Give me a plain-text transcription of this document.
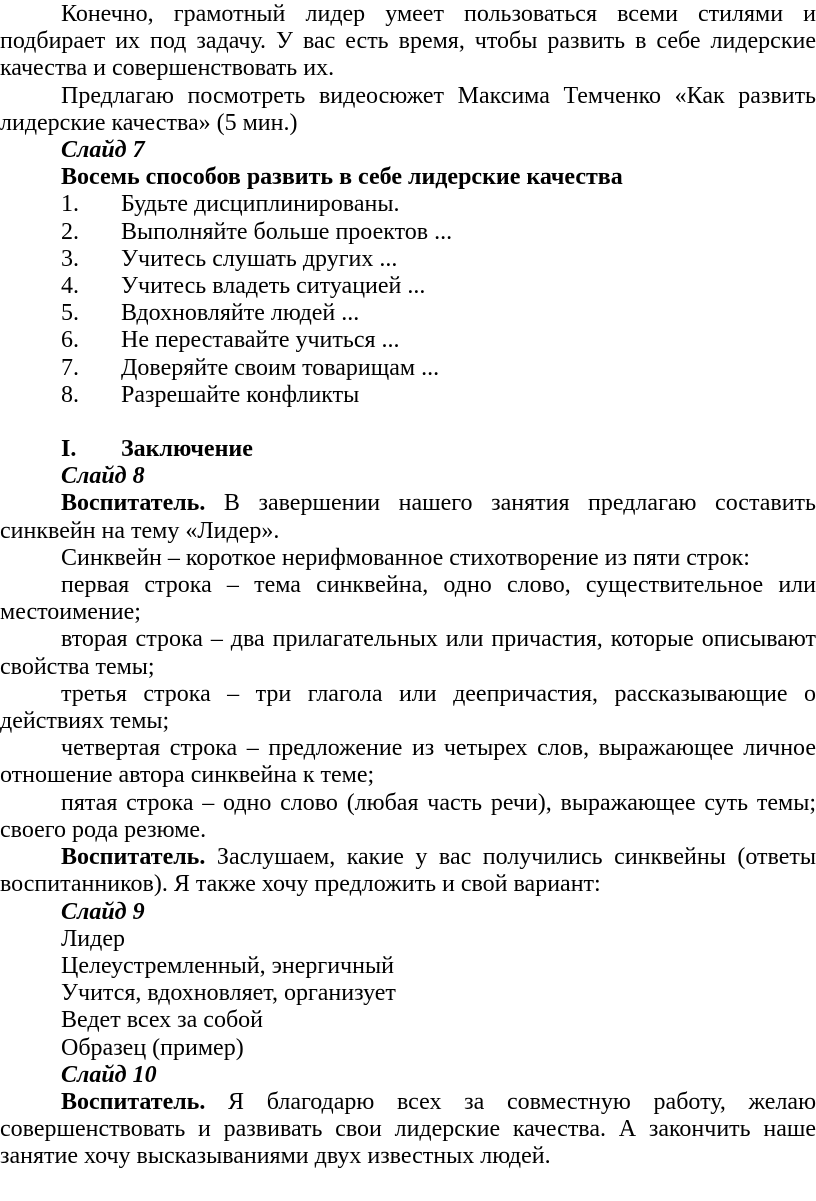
Конечно, грамотный лидер умеет пользоваться всеми стилями и подбирает их под задачу. У вас есть время, чтобы развить в себе лидерские качества и совершенствовать их.

Предлагаю посмотреть видеосюжет Максима Темченко «Как развить лидерские качества» (5 мин.)

Слайд 7

Восемь способов развить в себе лидерские качества

1.	Будьте дисциплинированы.
2.	Выполняйте больше проектов ...
3.	Учитесь слушать других ...
4.	Учитесь владеть ситуацией ...
5.	Вдохновляйте людей ...
6.	Не переставайте учиться ...
7.	Доверяйте своим товарищам ...
8.	Разрешайте конфликты
I.	Заключение

Слайд 8

Воспитатель. В завершении нашего занятия предлагаю составить синквейн на тему «Лидер».

Синквейн – короткое нерифмованное стихотворение из пяти строк:

первая строка – тема синквейна, одно слово, существительное или местоимение;

вторая строка – два прилагательных или причастия, которые описывают свойства темы;

третья строка – три глагола или деепричастия, рассказывающие о действиях темы;

четвертая строка – предложение из четырех слов, выражающее личное отношение автора синквейна к теме;

пятая строка – одно слово (любая часть речи), выражающее суть темы; своего рода резюме.

Воспитатель. Заслушаем, какие у вас получились синквейны (ответы воспитанников). Я также хочу предложить и свой вариант:

Слайд 9

Лидер

Целеустремленный, энергичный

Учится, вдохновляет, организует

Ведет всех за собой

Образец (пример)

Слайд 10

Воспитатель. Я благодарю всех за совместную работу, желаю совершенствовать и развивать свои лидерские качества. А закончить наше занятие хочу высказываниями двух известных людей.
